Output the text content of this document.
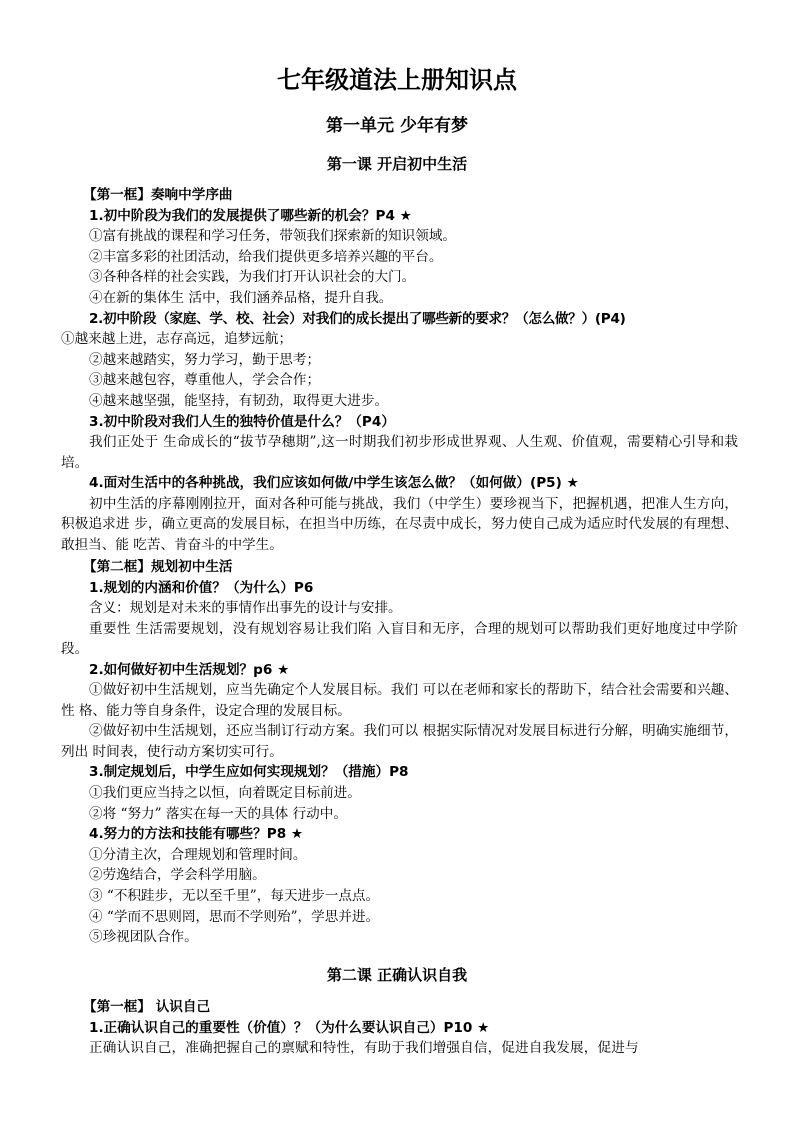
七年级道法上册知识点
第一单元 少年有梦
第一课 开启初中生活
【第一框】奏响中学序曲
1.初中阶段为我们的发展提供了哪些新的机会？P4 ★
①富有挑战的课程和学习任务，带领我们探索新的知识领域。
②丰富多彩的社团活动，给我们提供更多培养兴趣的平台。
③各种各样的社会实践，为我们打开认识社会的大门。
④在新的集体生 活中，我们涵养品格，提升自我。
2.初中阶段（家庭、学、校、社会）对我们的成长提出了哪些新的要求？（怎么做？）(P4)
①越来越上进，志存高远，追梦远航；
②越来越踏实，努力学习，勤于思考；
③越来越包容，尊重他人，学会合作；
④越来越坚强，能坚持，有韧劲，取得更大进步。
3.初中阶段对我们人生的独特价值是什么？（P4）
我们正处于 生命成长的“拔节孕穗期”,这一时期我们初步形成世界观、人生观、价值观，需要精心引导和栽培。
4.面对生活中的各种挑战，我们应该如何做/中学生该怎么做？（如何做）(P5) ★
初中生活的序幕刚刚拉开，面对各种可能与挑战，我们（中学生）要珍视当下，把握机遇，把准人生方向，积极追求进 步，确立更高的发展目标，在担当中历练，在尽责中成长，努力使自己成为适应时代发展的有理想、敢担当、能 吃苦、肯奋斗的中学生。
【第二框】规划初中生活
1.规划的内涵和价值？（为什么）P6
含义：规划是对未来的事情作出事先的设计与安排。
重要性 生活需要规划，没有规划容易让我们陷 入盲目和无序，合理的规划可以帮助我们更好地度过中学阶段。
2.如何做好初中生活规划？p6 ★
①做好初中生活规划，应当先确定个人发展目标。我们 可以在老师和家长的帮助下，结合社会需要和兴趣、性 格、能力等自身条件，设定合理的发展目标。
②做好初中生活规划，还应当制订行动方案。我们可以 根据实际情况对发展目标进行分解，明确实施细节，列出 时间表，使行动方案切实可行。
3.制定规划后，中学生应如何实现规划？（措施）P8
①我们更应当持之以恒，向着既定目标前进。
②将 “努力” 落实在每一天的具体 行动中。
4.努力的方法和技能有哪些？P8 ★
①分清主次，合理规划和管理时间。
②劳逸结合，学会科学用脑。
③ “不积跬步，无以至千里”，每天进步一点点。
④ “学而不思则罔，思而不学则殆”，学思并进。
⑤珍视团队合作。
第二课 正确认识自我
【第一框】 认识自己
1.正确认识自己的重要性（价值）？（为什么要认识自己）P10 ★
正确认识自己，准确把握自己的禀赋和特性，有助于我们增强自信，促进自我发展，促进与
